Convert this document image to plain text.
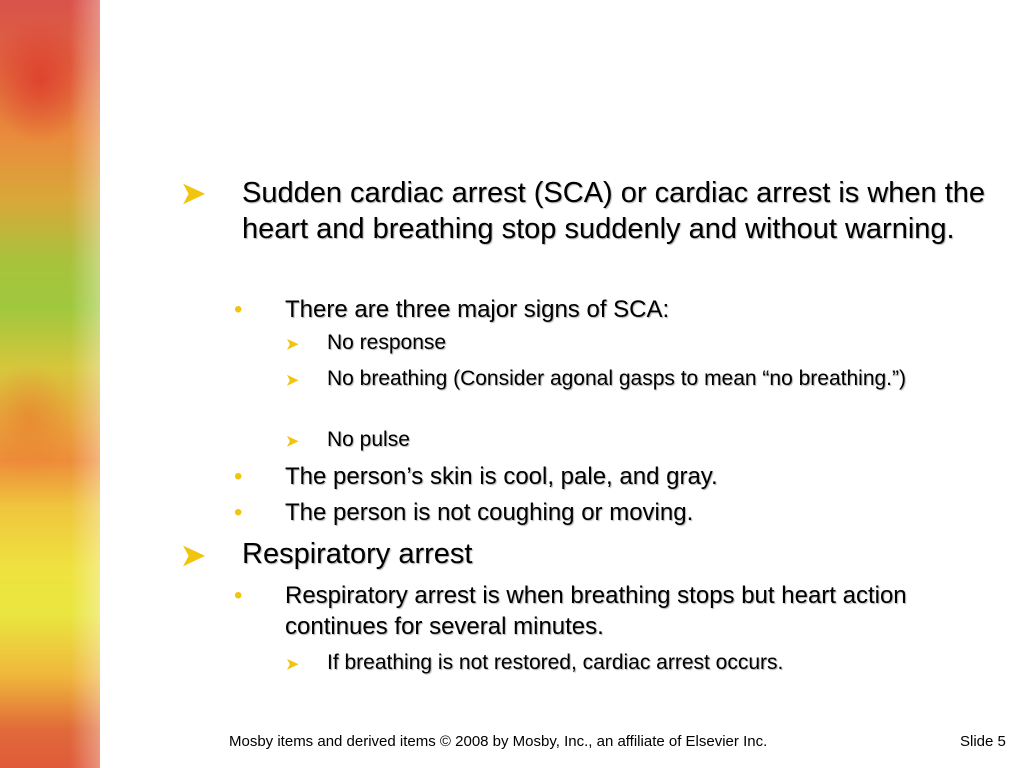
➤ Sudden cardiac arrest (SCA) or cardiac arrest is when the heart and breathing stop suddenly and without warning.
• There are three major signs of SCA:
➤ No response
➤ No breathing (Consider agonal gasps to mean “no breathing.”)
➤ No pulse
• The person’s skin is cool, pale, and gray.
• The person is not coughing or moving.
➤ Respiratory arrest
• Respiratory arrest is when breathing stops but heart action continues for several minutes.
➤ If breathing is not restored, cardiac arrest occurs.
Mosby items and derived items © 2008 by Mosby, Inc., an affiliate of Elsevier Inc.	Slide 5
